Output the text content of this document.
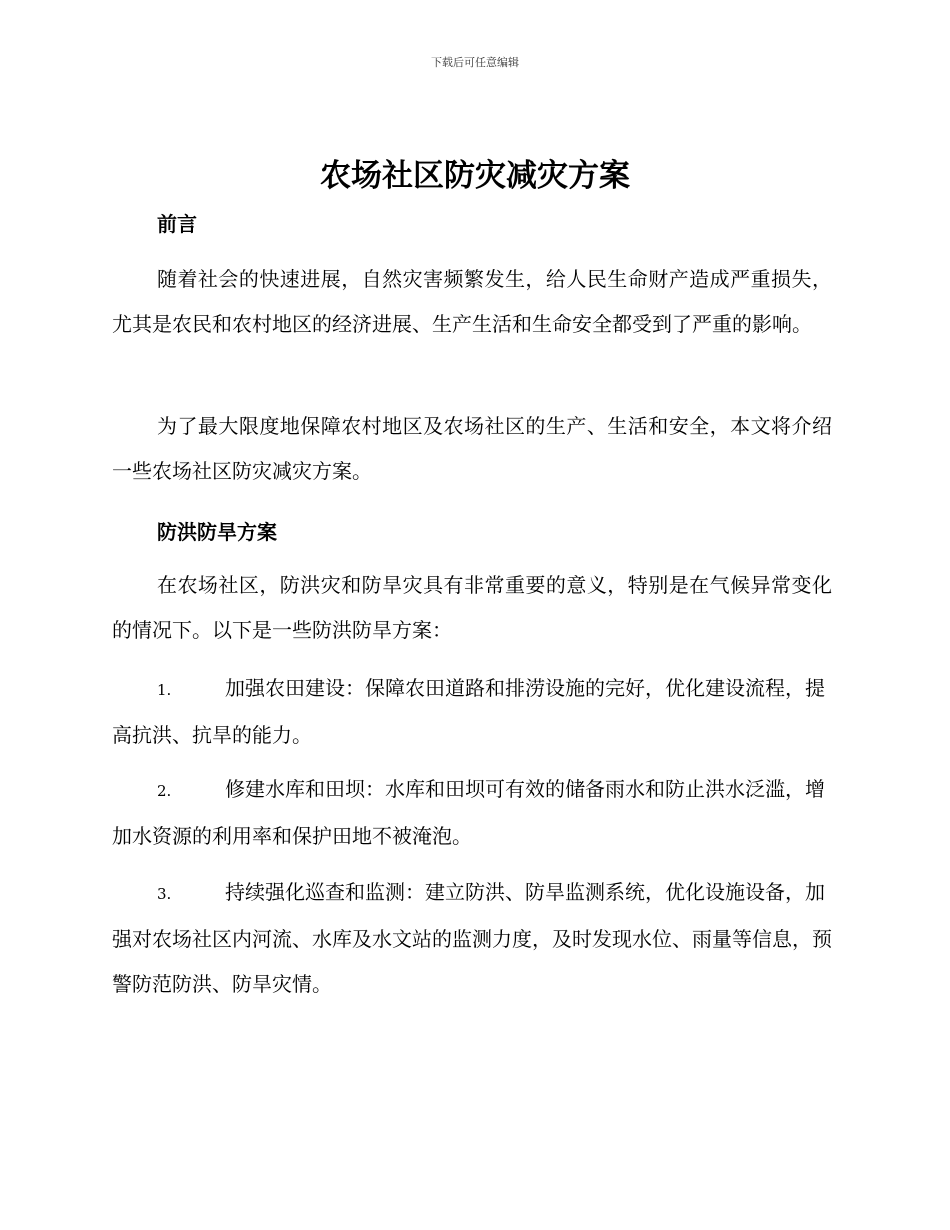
下载后可任意编辑
农场社区防灾减灾方案
前言

随着社会的快速进展，自然灾害频繁发生，给人民生命财产造成严重损失，尤其是农民和农村地区的经济进展、生产生活和生命安全都受到了严重的影响。

为了最大限度地保障农村地区及农场社区的生产、生活和安全，本文将介绍一些农场社区防灾减灾方案。

防洪防旱方案

在农场社区，防洪灾和防旱灾具有非常重要的意义，特别是在气候异常变化的情况下。以下是一些防洪防旱方案：

1.	加强农田建设：保障农田道路和排涝设施的完好，优化建设流程，提高抗洪、抗旱的能力。

2.	修建水库和田坝：水库和田坝可有效的储备雨水和防止洪水泛滥，增加水资源的利用率和保护田地不被淹泡。

3.	持续强化巡查和监测：建立防洪、防旱监测系统，优化设施设备，加强对农场社区内河流、水库及水文站的监测力度，及时发现水位、雨量等信息，预警防范防洪、防旱灾情。
